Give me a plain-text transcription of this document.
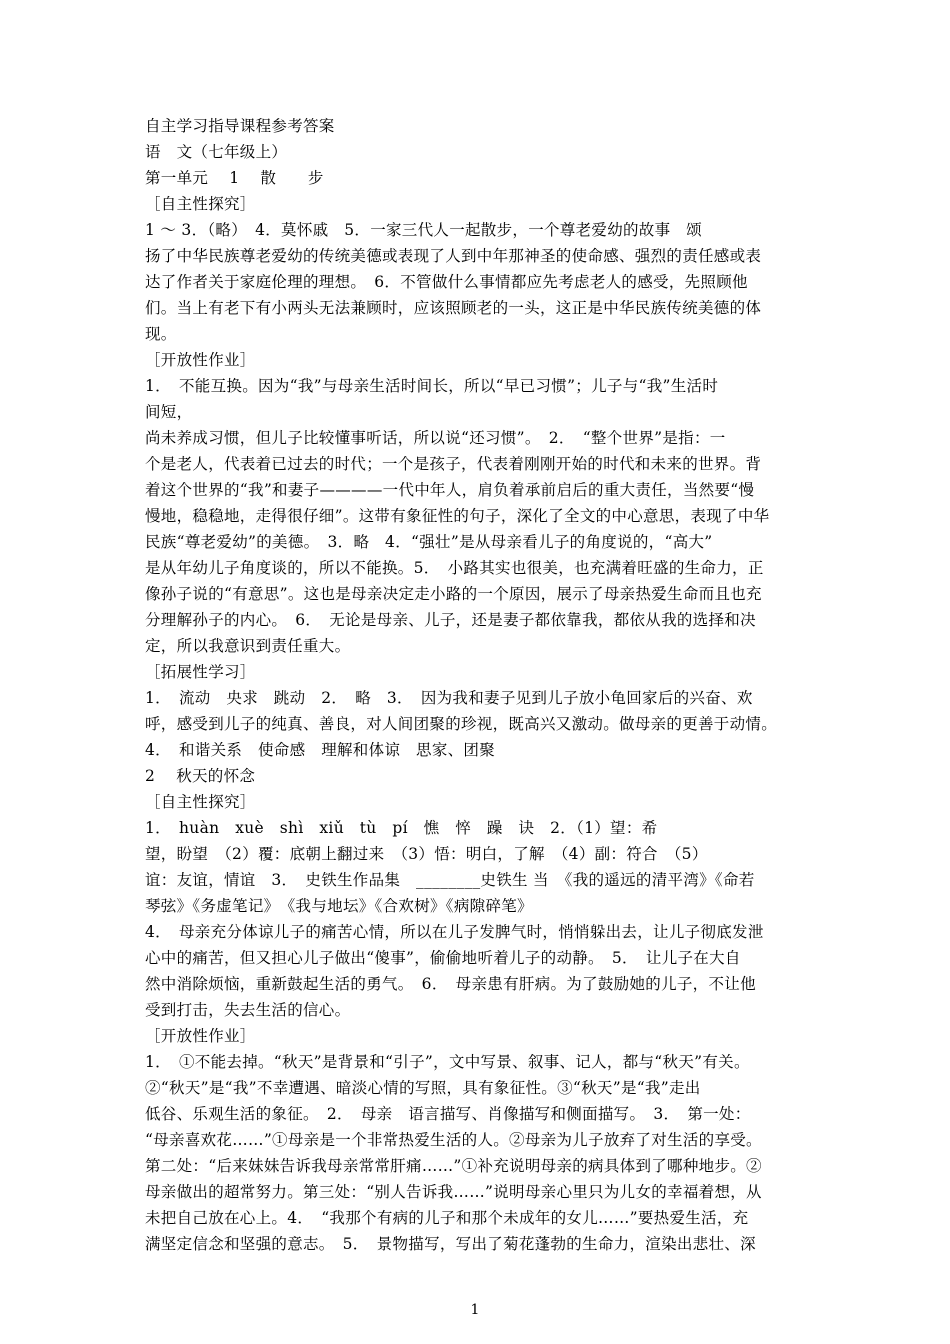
自主学习指导课程参考答案
语　文（七年级上）
第一单元　 1　 散　　步
［自主性探究］
1 ～ 3．（略）　4．莫怀戚　5．一家三代人一起散步，一个尊老爱幼的故事　颂
扬了中华民族尊老爱幼的传统美德或表现了人到中年那神圣的使命感、强烈的责任感或表
达了作者关于家庭伦理的理想。　6．不管做什么事情都应先考虑老人的感受，先照顾他
们。当上有老下有小两头无法兼顾时，应该照顾老的一头，这正是中华民族传统美德的体
现。
［开放性作业］
1．　不能互换。因为“我”与母亲生活时间长，所以“早已习惯”；儿子与“我”生活时
间短，
尚未养成习惯，但儿子比较懂事听话，所以说“还习惯”。　2．　“整个世界”是指：一
个是老人，代表着已过去的时代；一个是孩子，代表着刚刚开始的时代和未来的世界。背
着这个世界的“我”和妻子————一代中年人，肩负着承前启后的重大责任，当然要“慢
慢地，稳稳地，走得很仔细”。这带有象征性的句子，深化了全文的中心意思，表现了中华
民族“尊老爱幼”的美德。　3．略　4．“强壮”是从母亲看儿子的角度说的，“高大”
是从年幼儿子角度谈的，所以不能换。5．　小路其实也很美，也充满着旺盛的生命力，正
像孙子说的“有意思”。这也是母亲决定走小路的一个原因，展示了母亲热爱生命而且也充
分理解孙子的内心。　6．　无论是母亲、儿子，还是妻子都依靠我，都依从我的选择和决
定，所以我意识到责任重大。
［拓展性学习］
1．　流动　央求　跳动　2．　略　3．　因为我和妻子见到儿子放小龟回家后的兴奋、欢
呼，感受到儿子的纯真、善良，对人间团聚的珍视，既高兴又激动。做母亲的更善于动情。
4．　和谐关系　使命感　理解和体谅　思家、团聚
2　 秋天的怀念
［自主性探究］
1．　huàn　xuè　shì　xiǔ　tù　pí　憔　悴　躁　诀　2．（1）望：希
望，盼望　（2）覆：底朝上翻过来　（3）悟：明白，了解　（4）副：符合　（5）
谊：友谊，情谊　3．　史铁生作品集　________史铁生 当　《我的遥远的清平湾》《命若
琴弦》《务虚笔记》　《我与地坛》《合欢树》《病隙碎笔》
4．　母亲充分体谅儿子的痛苦心情，所以在儿子发脾气时，悄悄躲出去，让儿子彻底发泄
心中的痛苦，但又担心儿子做出“傻事”，偷偷地听着儿子的动静。　5．　让儿子在大自
然中消除烦恼，重新鼓起生活的勇气。　6．　母亲患有肝病。为了鼓励她的儿子，不让他
受到打击，失去生活的信心。
［开放性作业］
1．　①不能去掉。“秋天”是背景和“引子”，文中写景、叙事、记人，都与“秋天”有关。
②“秋天”是“我”不幸遭遇、暗淡心情的写照，具有象征性。③“秋天”是“我”走出
低谷、乐观生活的象征。　2．　母亲　语言描写、肖像描写和侧面描写。　3．　第一处：
“母亲喜欢花……”①母亲是一个非常热爱生活的人。②母亲为儿子放弃了对生活的享受。
第二处：“后来妹妹告诉我母亲常常肝痛……”①补充说明母亲的病具体到了哪种地步。②
母亲做出的超常努力。第三处：“别人告诉我……”说明母亲心里只为儿女的幸福着想，从
未把自己放在心上。4．　“我那个有病的儿子和那个未成年的女儿……”要热爱生活，充
满坚定信念和坚强的意志。　5．　景物描写，写出了菊花蓬勃的生命力，渲染出悲壮、深
1
